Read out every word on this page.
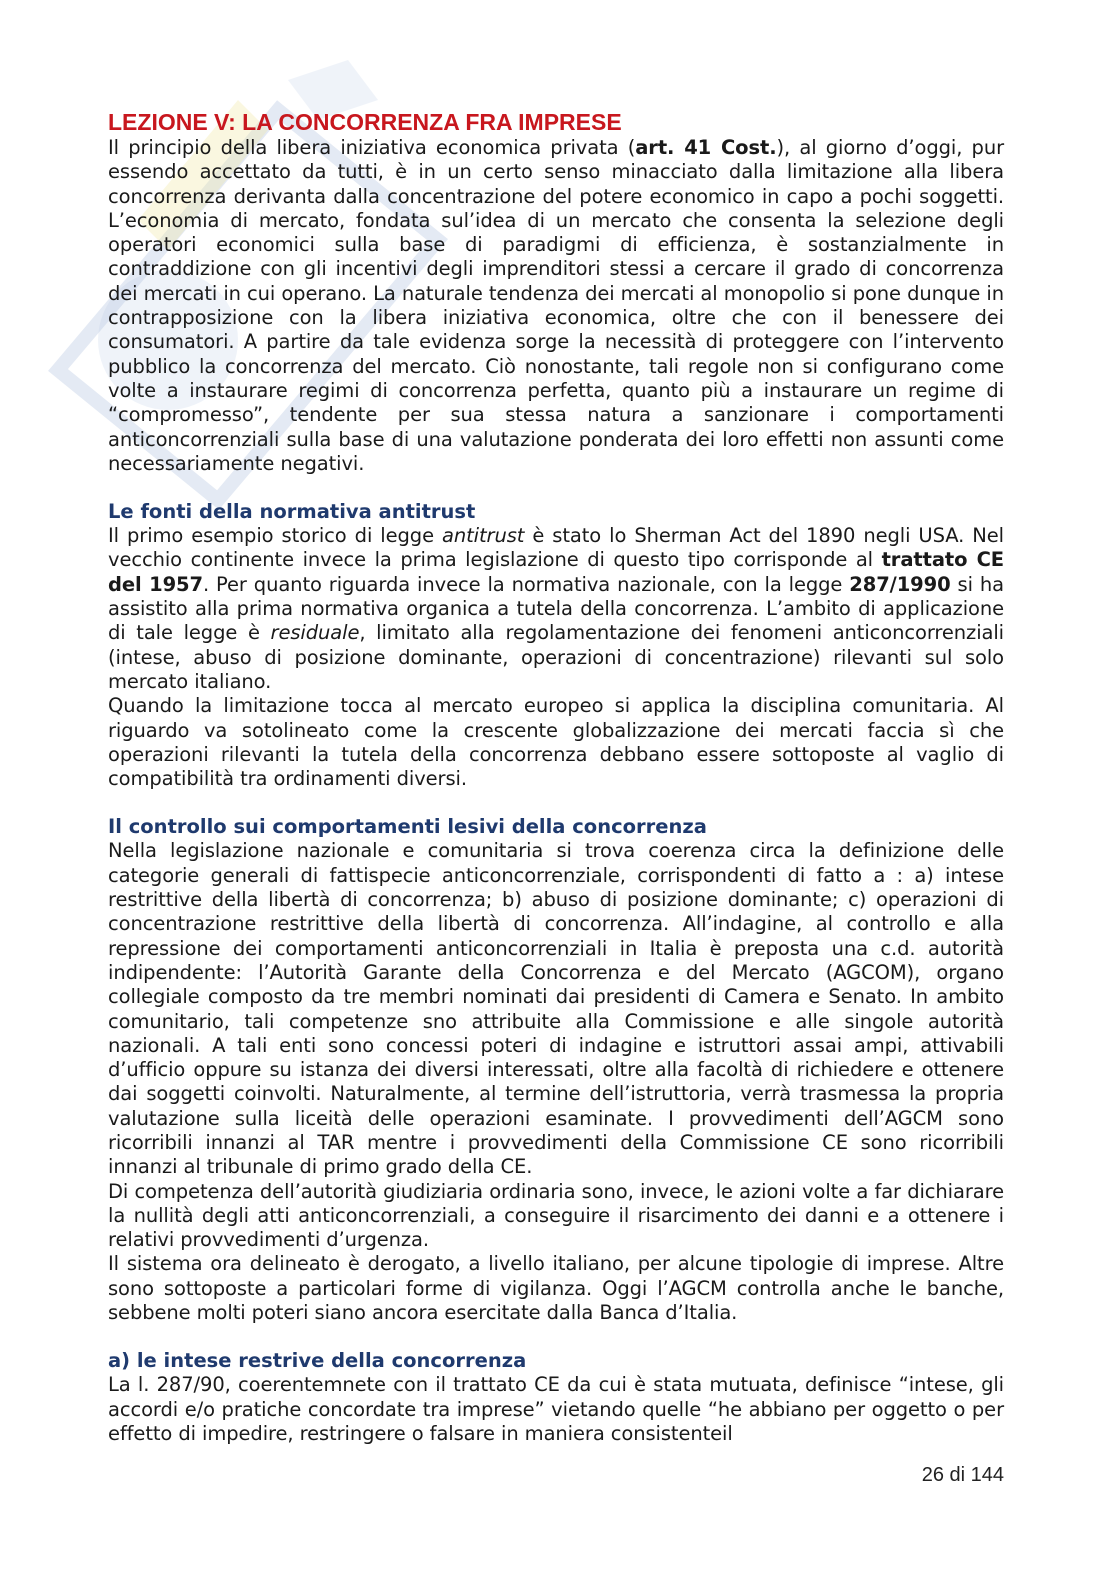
LEZIONE V: LA CONCORRENZA FRA IMPRESE

Il principio della libera iniziativa economica privata (art. 41 Cost.), al giorno d’oggi, pur essendo accettato da tutti, è in un certo senso minacciato dalla limitazione alla libera concorrenza derivanta dalla concentrazione del potere economico in capo a pochi soggetti. L’economia di mercato, fondata sul’idea di un mercato che consenta la selezione degli operatori economici sulla base di paradigmi di efficienza, è sostanzialmente in contraddizione con gli incentivi degli imprenditori stessi a cercare il grado di concorrenza dei mercati in cui operano. La naturale tendenza dei mercati al monopolio si pone dunque in contrapposizione con la libera iniziativa economica, oltre che con il benessere dei consumatori. A partire da tale evidenza sorge la necessità di proteggere con l’intervento pubblico la concorrenza del mercato. Ciò nonostante, tali regole non si configurano come volte a instaurare regimi di concorrenza perfetta, quanto più a instaurare un regime di “compromesso”, tendente per sua stessa natura a sanzionare i comportamenti anticoncorrenziali sulla base di una valutazione ponderata dei loro effetti non assunti come necessariamente negativi.

Le fonti della normativa antitrust

Il primo esempio storico di legge antitrust è stato lo Sherman Act del 1890 negli USA. Nel vecchio continente invece la prima legislazione di questo tipo corrisponde al trattato CE del 1957. Per quanto riguarda invece la normativa nazionale, con la legge 287/1990 si ha assistito alla prima normativa organica a tutela della concorrenza. L’ambito di applicazione di tale legge è residuale, limitato alla regolamentazione dei fenomeni anticoncorrenziali (intese, abuso di posizione dominante, operazioni di concentrazione) rilevanti sul solo mercato italiano.

Quando la limitazione tocca al mercato europeo si applica la disciplina comunitaria. Al riguardo va sotolineato come la crescente globalizzazione dei mercati faccia sì che operazioni rilevanti la tutela della concorrenza debbano essere sottoposte al vaglio di compatibilità tra ordinamenti diversi.

Il controllo sui comportamenti lesivi della concorrenza

Nella legislazione nazionale e comunitaria si trova coerenza circa la definizione delle categorie generali di fattispecie anticoncorrenziale, corrispondenti di fatto a : a) intese restrittive della libertà di concorrenza; b) abuso di posizione dominante; c) operazioni di concentrazione restrittive della libertà di concorrenza. All’indagine, al controllo e alla repressione dei comportamenti anticoncorrenziali in Italia è preposta una c.d. autorità indipendente: l’Autorità Garante della Concorrenza e del Mercato (AGCOM), organo collegiale composto da tre membri nominati dai presidenti di Camera e Senato. In ambito comunitario, tali competenze sno attribuite alla Commissione e alle singole autorità nazionali. A tali enti sono concessi poteri di indagine e istruttori assai ampi, attivabili d’ufficio oppure su istanza dei diversi interessati, oltre alla facoltà di richiedere e ottenere dai soggetti coinvolti. Naturalmente, al termine dell’istruttoria, verrà trasmessa la propria valutazione sulla liceità delle operazioni esaminate. I provvedimenti dell’AGCM sono ricorribili innanzi al TAR mentre i provvedimenti della Commissione CE sono ricorribili innanzi al tribunale di primo grado della CE.

Di competenza dell’autorità giudiziaria ordinaria sono, invece, le azioni volte a far dichiarare la nullità degli atti anticoncorrenziali, a conseguire il risarcimento dei danni e a ottenere i relativi provvedimenti d’urgenza.

Il sistema ora delineato è derogato, a livello italiano, per alcune tipologie di imprese. Altre sono sottoposte a particolari forme di vigilanza. Oggi l’AGCM controlla anche le banche, sebbene molti poteri siano ancora esercitate dalla Banca d’Italia.

a) le intese restrive della concorrenza

La l. 287/90, coerentemnete con il trattato CE da cui è stata mutuata, definisce “intese, gli accordi e/o pratiche concordate tra imprese” vietando quelle “he abbiano per oggetto o per effetto di impedire, restringere o falsare in maniera consistenteil

26 di 144
